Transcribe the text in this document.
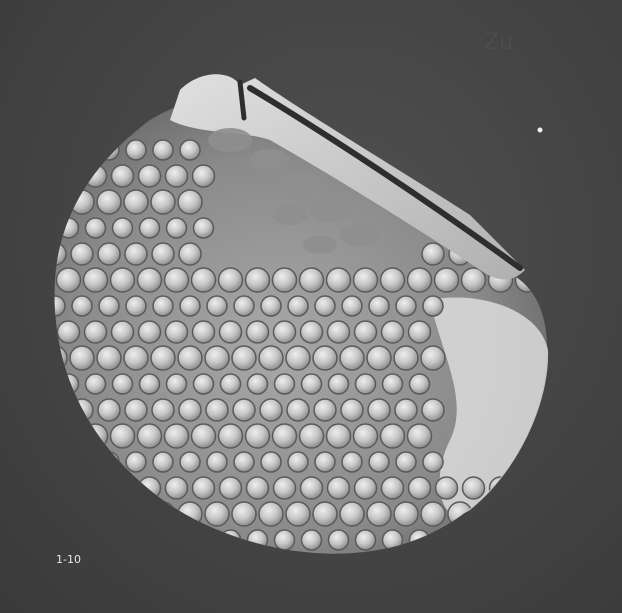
Zu
1-10
